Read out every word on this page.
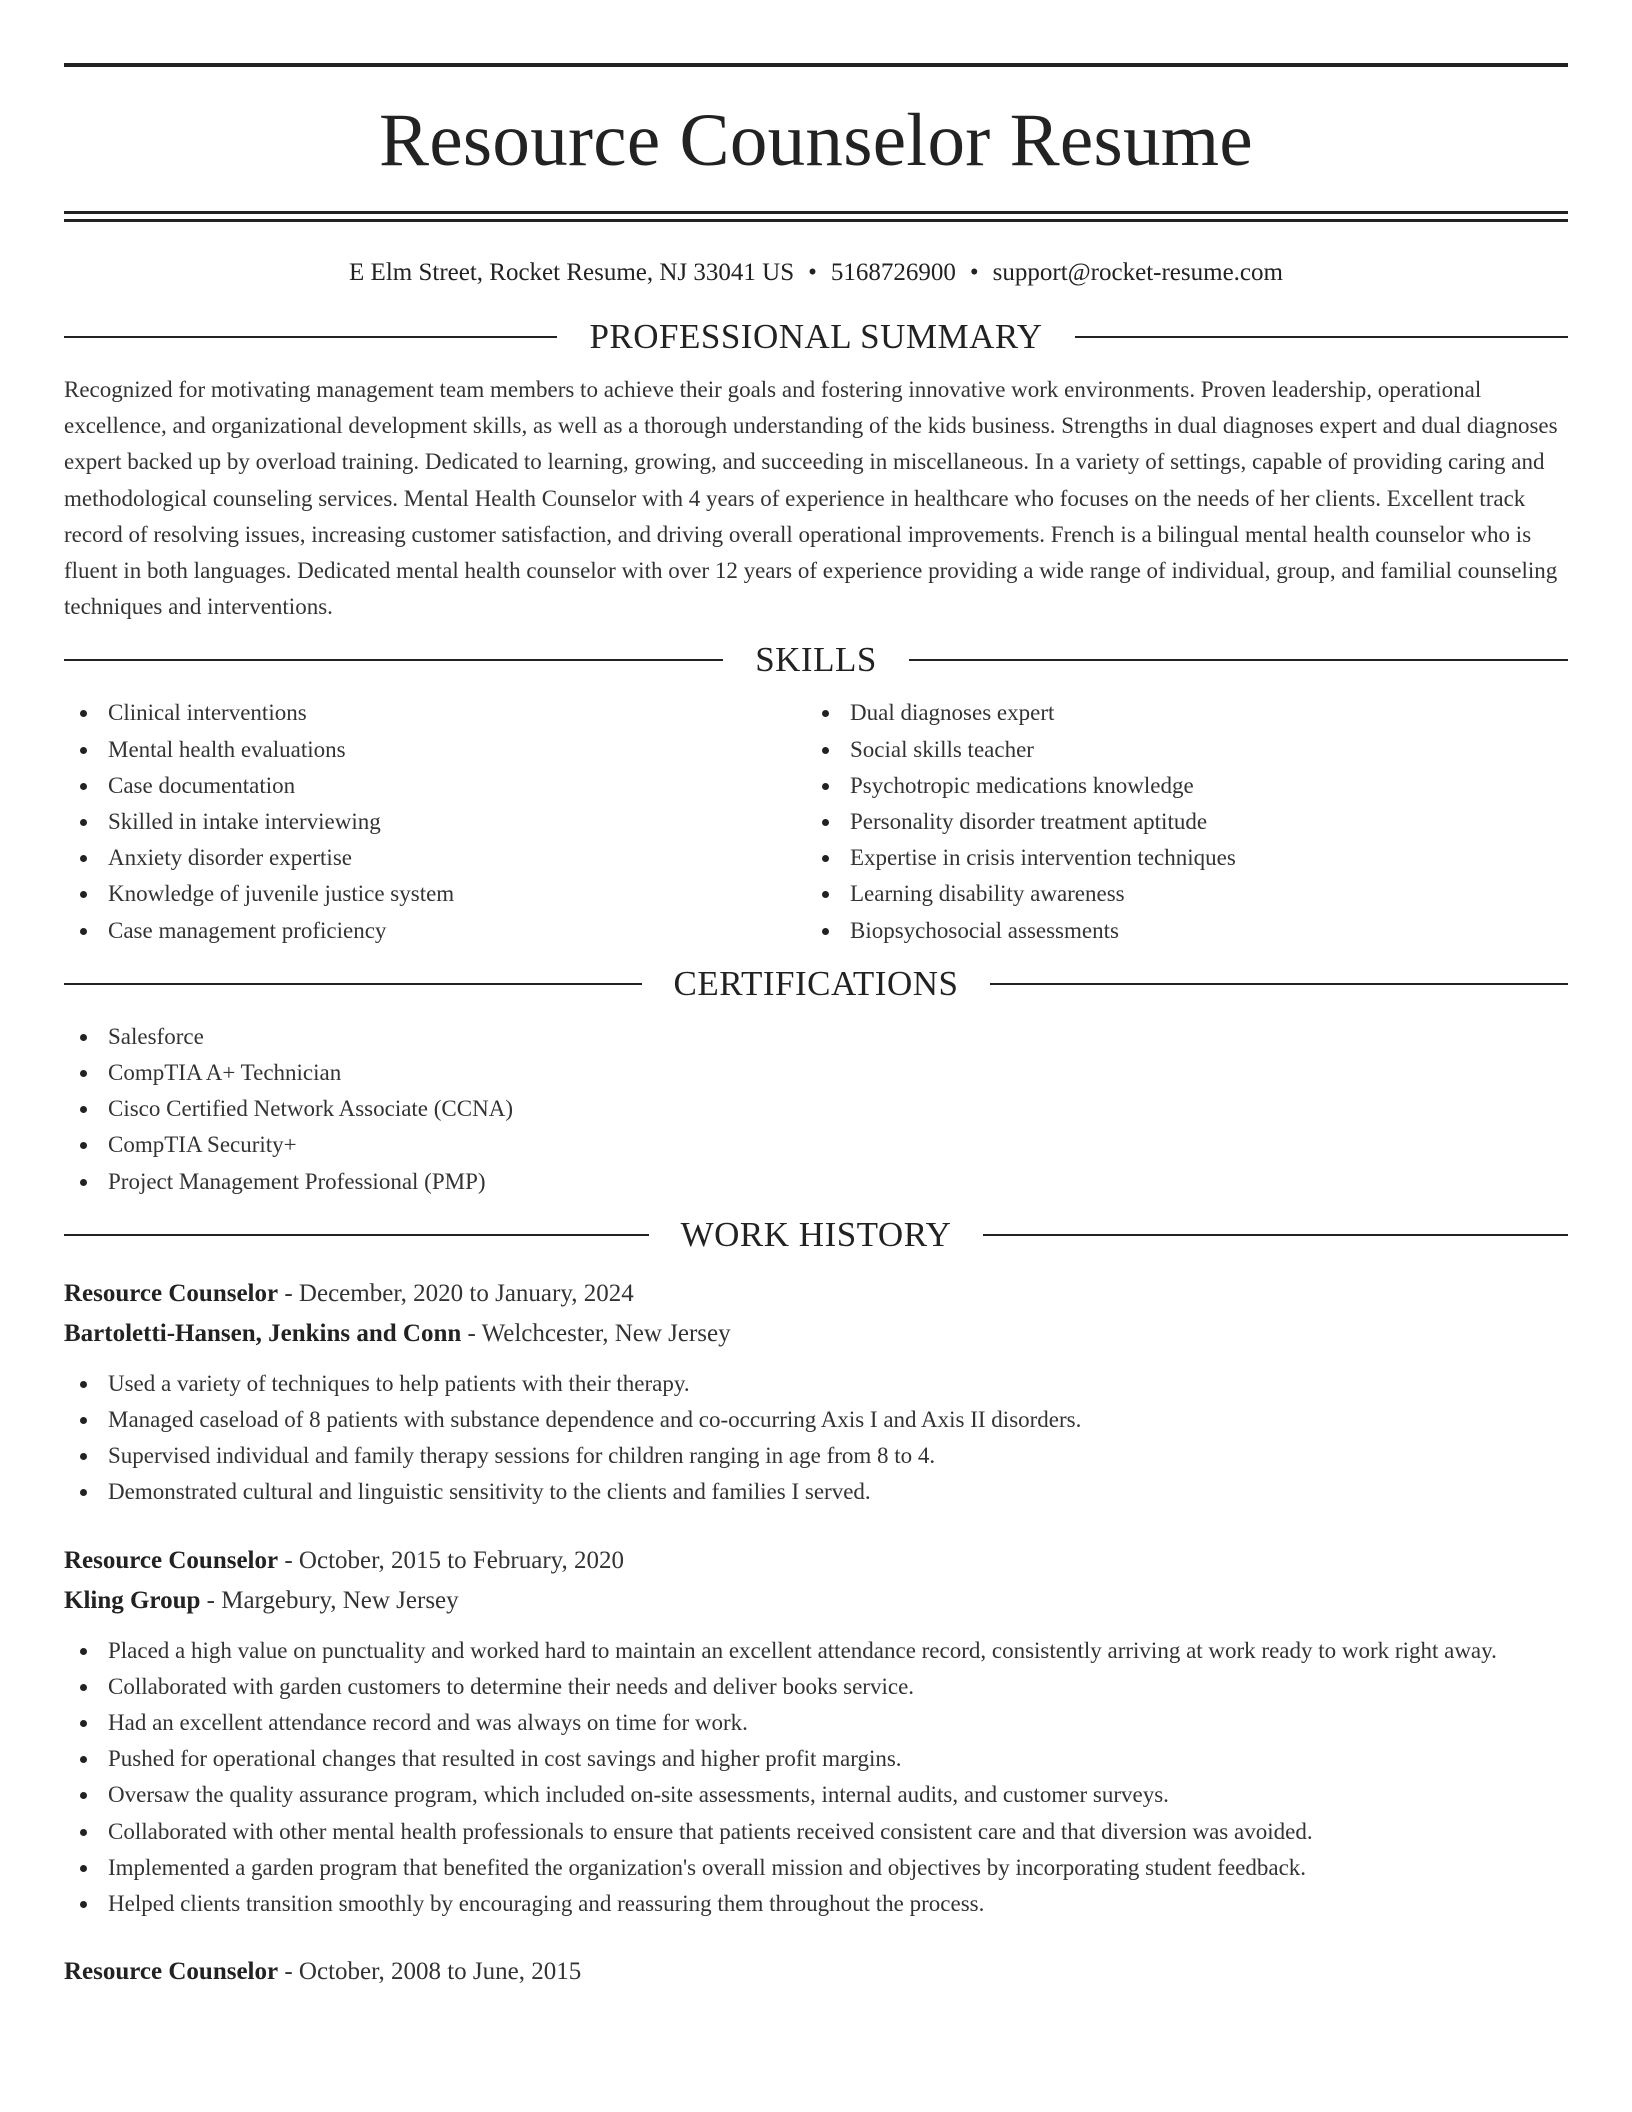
Resource Counselor Resume
E Elm Street, Rocket Resume, NJ 33041 US • 5168726900 • support@rocket-resume.com
PROFESSIONAL SUMMARY

Recognized for motivating management team members to achieve their goals and fostering innovative work environments. Proven leadership, operational excellence, and organizational development skills, as well as a thorough understanding of the kids business. Strengths in dual diagnoses expert and dual diagnoses expert backed up by overload training. Dedicated to learning, growing, and succeeding in miscellaneous. In a variety of settings, capable of providing caring and methodological counseling services. Mental Health Counselor with 4 years of experience in healthcare who focuses on the needs of her clients. Excellent track record of resolving issues, increasing customer satisfaction, and driving overall operational improvements. French is a bilingual mental health counselor who is fluent in both languages. Dedicated mental health counselor with over 12 years of experience providing a wide range of individual, group, and familial counseling techniques and interventions.

SKILLS
Clinical interventions
Mental health evaluations
Case documentation
Skilled in intake interviewing
Anxiety disorder expertise
Knowledge of juvenile justice system
Case management proficiency
Dual diagnoses expert
Social skills teacher
Psychotropic medications knowledge
Personality disorder treatment aptitude
Expertise in crisis intervention techniques
Learning disability awareness
Biopsychosocial assessments
CERTIFICATIONS
Salesforce
CompTIA A+ Technician
Cisco Certified Network Associate (CCNA)
CompTIA Security+
Project Management Professional (PMP)
WORK HISTORY
Resource Counselor - December, 2020 to January, 2024
Bartoletti-Hansen, Jenkins and Conn - Welchcester, New Jersey
Used a variety of techniques to help patients with their therapy.
Managed caseload of 8 patients with substance dependence and co-occurring Axis I and Axis II disorders.
Supervised individual and family therapy sessions for children ranging in age from 8 to 4.
Demonstrated cultural and linguistic sensitivity to the clients and families I served.
Resource Counselor - October, 2015 to February, 2020
Kling Group - Margebury, New Jersey
Placed a high value on punctuality and worked hard to maintain an excellent attendance record, consistently arriving at work ready to work right away.
Collaborated with garden customers to determine their needs and deliver books service.
Had an excellent attendance record and was always on time for work.
Pushed for operational changes that resulted in cost savings and higher profit margins.
Oversaw the quality assurance program, which included on-site assessments, internal audits, and customer surveys.
Collaborated with other mental health professionals to ensure that patients received consistent care and that diversion was avoided.
Implemented a garden program that benefited the organization's overall mission and objectives by incorporating student feedback.
Helped clients transition smoothly by encouraging and reassuring them throughout the process.
Resource Counselor - October, 2008 to June, 2015
